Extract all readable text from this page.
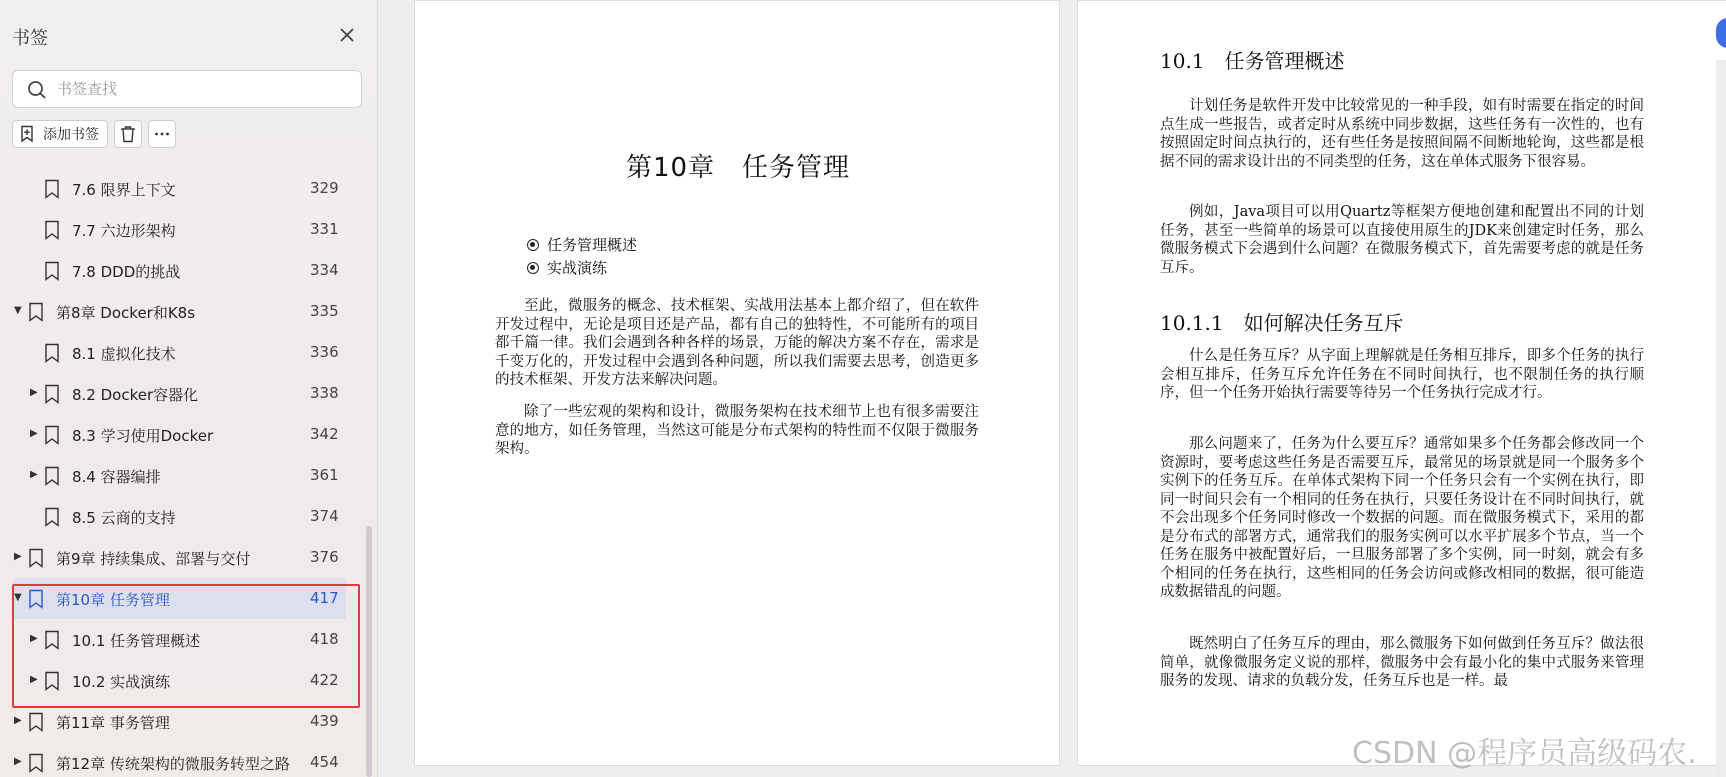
书签
书签查找
添加书签
7.6 限界上下文	329
7.7 六边形架构	331
7.8 DDD的挑战	334
▼ 第8章 Docker和K8s	335
8.1 虚拟化技术	336
▶ 8.2 Docker容器化	338
▶ 8.3 学习使用Docker	342
▶ 8.4 容器编排	361
8.5 云商的支持	374
▶ 第9章 持续集成、部署与交付	376
▼ 第10章 任务管理	417
▶ 10.1 任务管理概述	418
▶ 10.2 实战演练	422
▶ 第11章 事务管理	439
▶ 第12章 传统架构的微服务转型之路 454
第10章　任务管理
任务管理概述
实战演练

至此，微服务的概念、技术框架、实战用法基本上都介绍了，但在软件开发过程中，无论是项目还是产品，都有自己的独特性，不可能所有的项目都千篇一律。我们会遇到各种各样的场景，万能的解决方案不存在，需求是千变万化的，开发过程中会遇到各种问题，所以我们需要去思考，创造更多的技术框架、开发方法来解决问题。

除了一些宏观的架构和设计，微服务架构在技术细节上也有很多需要注意的地方，如任务管理，当然这可能是分布式架构的特性而不仅限于微服务架构。

10.1　任务管理概述

计划任务是软件开发中比较常见的一种手段，如有时需要在指定的时间点生成一些报告，或者定时从系统中同步数据，这些任务有一次性的，也有按照固定时间点执行的，还有些任务是按照间隔不间断地轮询，这些都是根据不同的需求设计出的不同类型的任务，这在单体式服务下很容易。

例如，Java项目可以用Quartz等框架方便地创建和配置出不同的计划任务，甚至一些简单的场景可以直接使用原生的JDK来创建定时任务，那么微服务模式下会遇到什么问题？在微服务模式下，首先需要考虑的就是任务互斥。

10.1.1　如何解决任务互斥

什么是任务互斥？从字面上理解就是任务相互排斥，即多个任务的执行会相互排斥，任务互斥允许任务在不同时间执行，也不限制任务的执行顺序，但一个任务开始执行需要等待另一个任务执行完成才行。

那么问题来了，任务为什么要互斥？通常如果多个任务都会修改同一个资源时，要考虑这些任务是否需要互斥，最常见的场景就是同一个服务多个实例下的任务互斥。在单体式架构下同一个任务只会有一个实例在执行，即同一时间只会有一个相同的任务在执行，只要任务设计在不同时间执行，就不会出现多个任务同时修改一个数据的问题。而在微服务模式下，采用的都是分布式的部署方式，通常我们的服务实例可以水平扩展多个节点，当一个任务在服务中被配置好后，一旦服务部署了多个实例，同一时刻，就会有多个相同的任务在执行，这些相同的任务会访问或修改相同的数据，很可能造成数据错乱的问题。

既然明白了任务互斥的理由，那么微服务下如何做到任务互斥？做法很简单，就像微服务定义说的那样，微服务中会有最小化的集中式服务来管理服务的发现、请求的负载分发，任务互斥也是一样。最

CSDN @程序员高级码农.
